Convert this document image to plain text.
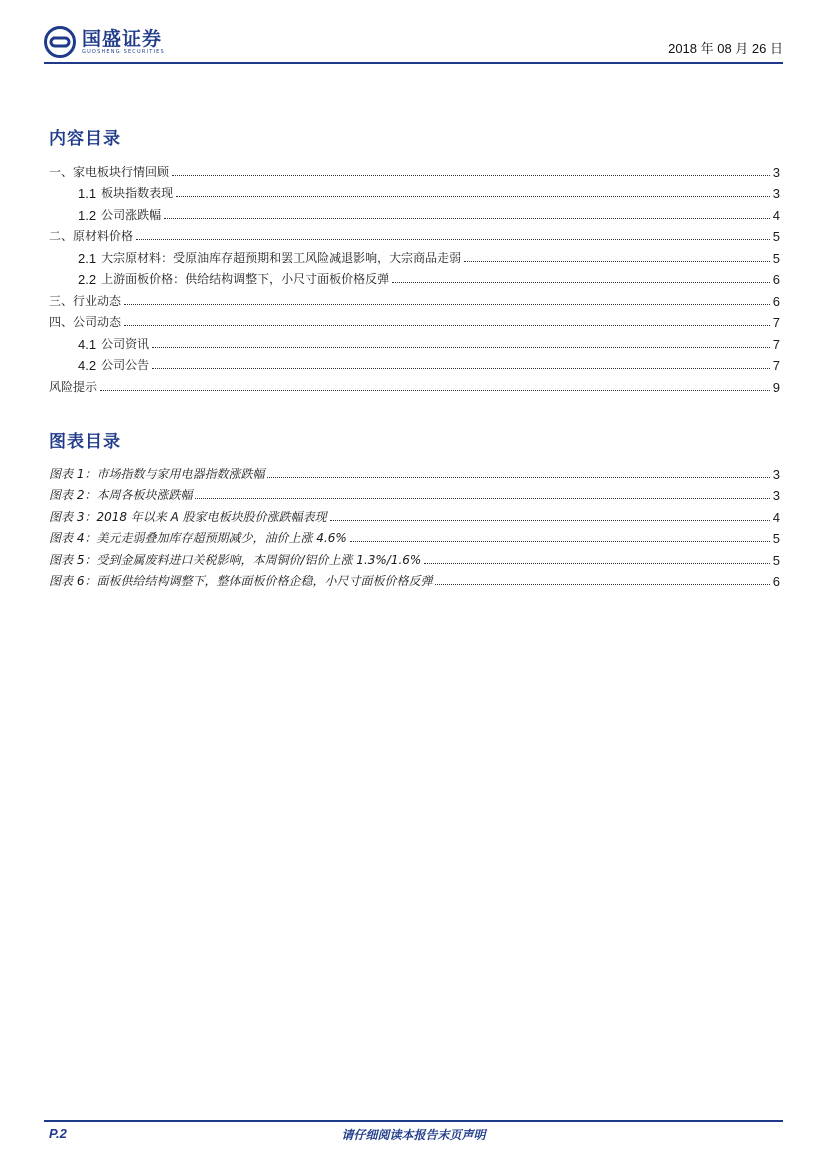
国盛证券
GUOSHENG SECURITIES	2018 年 08 月 26 日
内容目录
一、家电板块行情回顾	3
1.1 板块指数表现	3
1.2 公司涨跌幅	4
二、原材料价格	5
2.1 大宗原材料：受原油库存超预期和罢工风险减退影响，大宗商品走弱	5
2.2 上游面板价格：供给结构调整下，小尺寸面板价格反弹	6
三、行业动态	6
四、公司动态	7
4.1 公司资讯	7
4.2 公司公告	7
风险提示	9
图表目录
图表 1：市场指数与家用电器指数涨跌幅	3
图表 2：本周各板块涨跌幅	3
图表 3：2018 年以来 A 股家电板块股价涨跌幅表现	4
图表 4：美元走弱叠加库存超预期减少，油价上涨 4.6%	5
图表 5：受到金属废料进口关税影响，本周铜价/铝价上涨 1.3%/1.6%	5
图表 6：面板供给结构调整下，整体面板价格企稳，小尺寸面板价格反弹	6
P.2	请仔细阅读本报告末页声明
